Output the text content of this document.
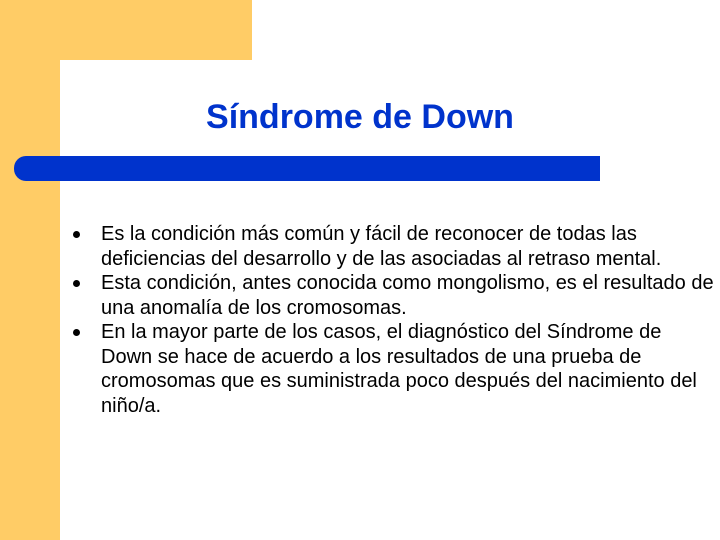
Síndrome de Down
Es la condición más común y fácil de reconocer de todas las deficiencias del desarrollo y de las asociadas al retraso mental.
Esta condición, antes conocida como mongolismo, es el resultado de una anomalía de los cromosomas.
En la mayor parte de los casos, el diagnóstico del Síndrome de Down se hace de acuerdo a los resultados de una prueba de cromosomas que es suministrada poco después del nacimiento del niño/a.
